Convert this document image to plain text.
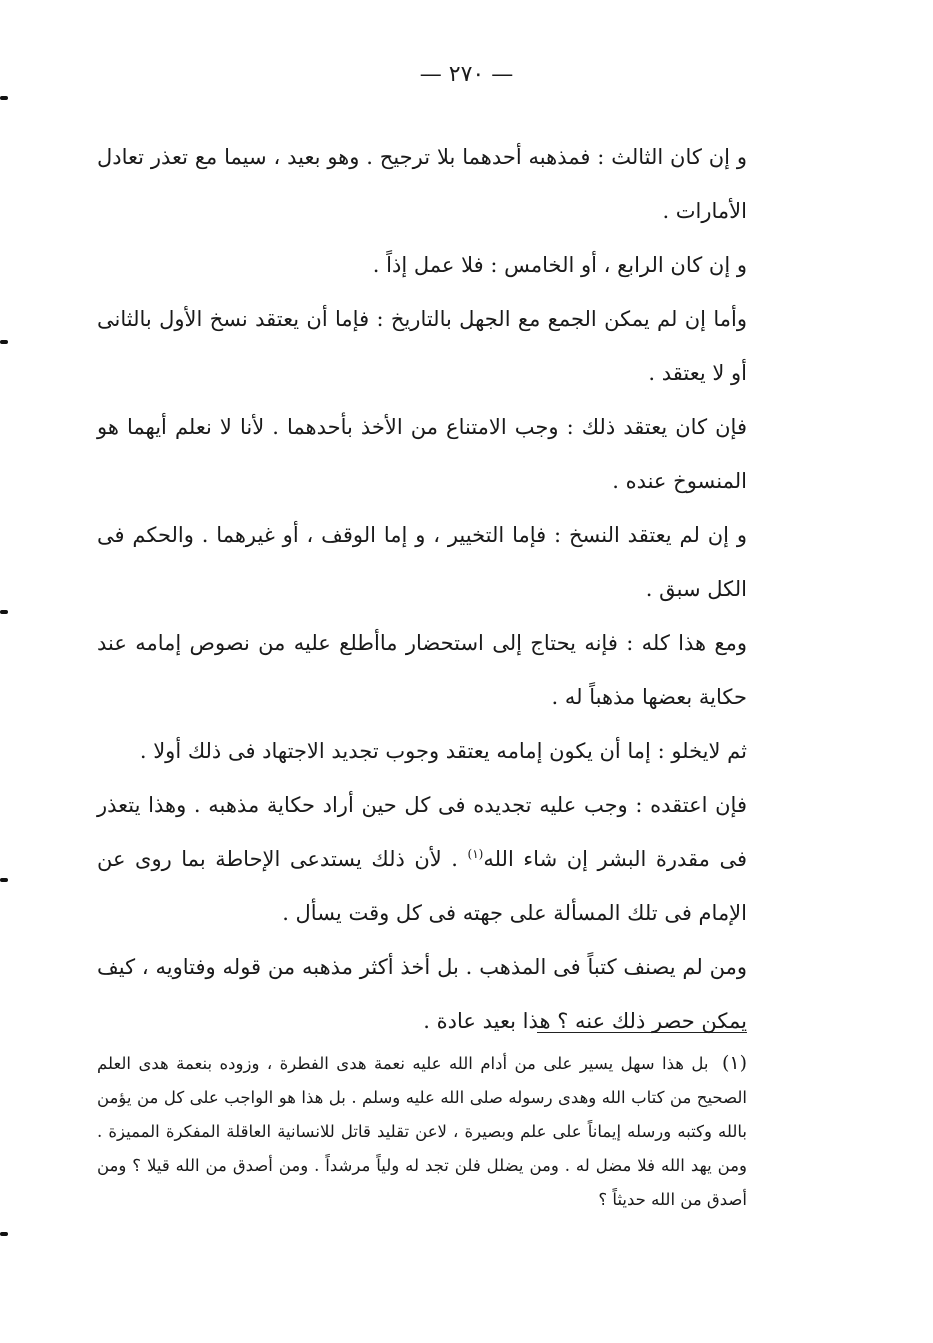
— ٢٧٠ —

و إن كان الثالث : فمذهبه أحدهما بلا ترجيح . وهو بعيد ، سيما مع تعذر تعادل الأمارات .

و إن كان الرابع ، أو الخامس : فلا عمل إذاً .

وأما إن لم يمكن الجمع مع الجهل بالتاريخ : فإما أن يعتقد نسخ الأول بالثانى أو لا يعتقد .

فإن كان يعتقد ذلك : وجب الامتناع من الأخذ بأحدهما . لأنا لا نعلم أيهما هو المنسوخ عنده .

و إن لم يعتقد النسخ : فإما التخيير ، و إما الوقف ، أو غيرهما . والحكم فى الكل سبق .

ومع هذا كله : فإنه يحتاج إلى استحضار ماأطلع عليه من نصوص إمامه عند حكاية بعضها مذهباً له .

ثم لايخلو : إما أن يكون إمامه يعتقد وجوب تجديد الاجتهاد فى ذلك أولا .

فإن اعتقده : وجب عليه تجديده فى كل حين أراد حكاية مذهبه . وهذا يتعذر فى مقدرة البشر إن شاء الله$^{(١)}$ . لأن ذلك يستدعى الإحاطة بما روى عن الإمام فى تلك المسألة على جهته فى كل وقت يسأل .

ومن لم يصنف كتباً فى المذهب . بل أخذ أكثر مذهبه من قوله وفتاويه ، كيف يمكن حصر ذلك عنه ؟ هذا بعيد عادة .

(١) بل هذا سهل يسير على من أدام الله عليه نعمة هدى الفطرة ، وزوده بنعمة هدى العلم الصحيح من كتاب الله وهدى رسوله صلى الله عليه وسلم . بل هذا هو الواجب على كل من يؤمن بالله وكتبه ورسله إيماناً على علم وبصيرة ، لاعن تقليد قاتل للانسانية العاقلة المفكرة المميزة . ومن يهد الله فلا مضل له . ومن يضلل فلن تجد له ولياً مرشداً . ومن أصدق من الله قيلا ؟ ومن أصدق من الله حديثاً ؟
